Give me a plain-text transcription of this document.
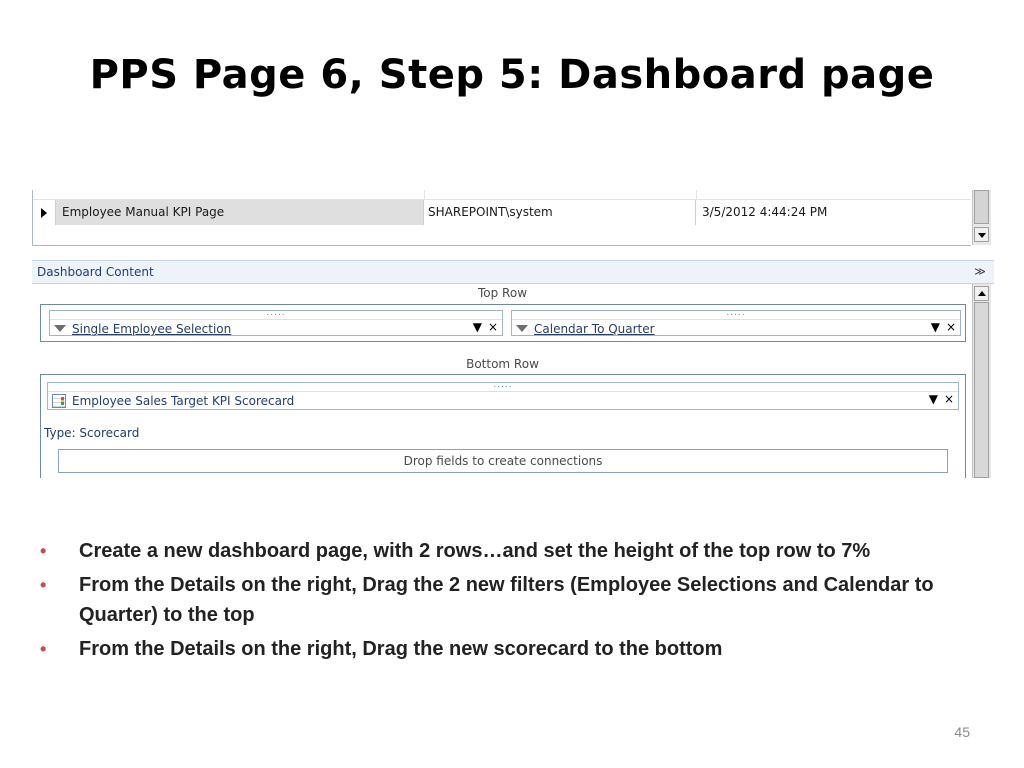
PPS Page 6, Step 5: Dashboard page
Employee Manual KPI Page	SHAREPOINT\system	3/5/2012 4:44:24 PM
Dashboard Content	≫
Top Row
.....
Single Employee Selection	▼ ×
.....
Calendar To Quarter	▼ ×
Bottom Row
.....
Employee Sales Target KPI Scorecard	▼ ×
Type: Scorecard
Drop fields to create connections
• Create a new dashboard page, with 2 rows…and set the height of the top row to 7%
• From the Details on the right, Drag the 2 new filters (Employee Selections and Calendar to Quarter) to the top
• From the Details on the right, Drag the new scorecard to the bottom
45
